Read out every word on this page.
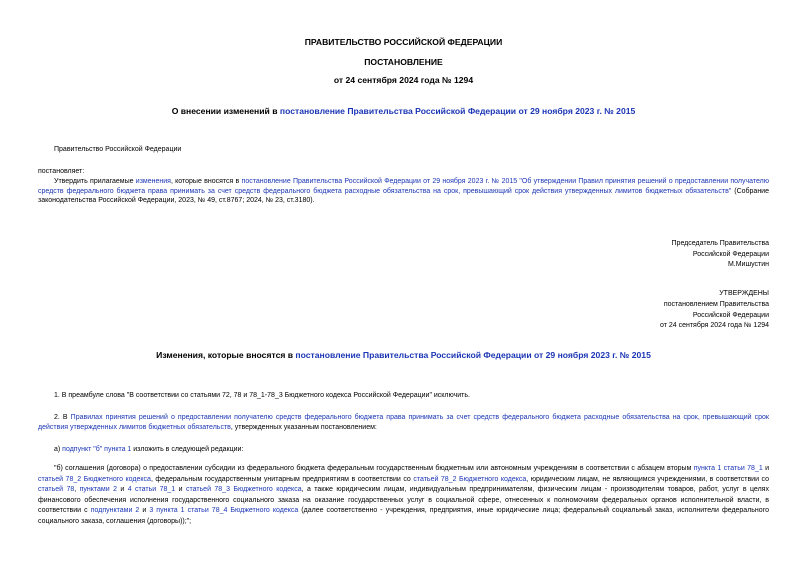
ПРАВИТЕЛЬСТВО РОССИЙСКОЙ ФЕДЕРАЦИИ
ПОСТАНОВЛЕНИЕ
от 24 сентября 2024 года № 1294
О внесении изменений в постановление Правительства Российской Федерации от 29 ноября 2023 г. № 2015
Правительство Российской Федерации
постановляет:
Утвердить прилагаемые изменения, которые вносятся в постановление Правительства Российской Федерации от 29 ноября 2023 г. № 2015 "Об утверждении Правил принятия решений о предоставлении получателю средств федерального бюджета права принимать за счет средств федерального бюджета расходные обязательства на срок, превышающий срок действия утвержденных лимитов бюджетных обязательств" (Собрание законодательства Российской Федерации, 2023, № 49, ст.8767; 2024, № 23, ст.3180).
Председатель Правительства
Российской Федерации
М.Мишустин
УТВЕРЖДЕНЫ
постановлением Правительства
Российской Федерации
от 24 сентября 2024 года № 1294
Изменения, которые вносятся в постановление Правительства Российской Федерации от 29 ноября 2023 г. № 2015
1. В преамбуле слова "В соответствии со статьями 72, 78 и 78_1-78_3 Бюджетного кодекса Российской Федерации" исключить.
2. В Правилах принятия решений о предоставлении получателю средств федерального бюджета права принимать за счет средств федерального бюджета расходные обязательства на срок, превышающий срок действия утвержденных лимитов бюджетных обязательств, утвержденных указанным постановлением:
а) подпункт "б" пункта 1 изложить в следующей редакции:
"б) соглашения (договора) о предоставлении субсидии из федерального бюджета федеральным государственным бюджетным или автономным учреждениям в соответствии с абзацем вторым пункта 1 статьи 78_1 и статьей 78_2 Бюджетного кодекса, федеральным государственным унитарным предприятиям в соответствии со статьей 78_2 Бюджетного кодекса, юридическим лицам, не являющимся учреждениями, в соответствии со статьей 78, пунктами 2 и 4 статьи 78_1 и статьей 78_3 Бюджетного кодекса, а также юридическим лицам, индивидуальным предпринимателям, физическим лицам - производителям товаров, работ, услуг в целях финансового обеспечения исполнения государственного социального заказа на оказание государственных услуг в социальной сфере, отнесенных к полномочиям федеральных органов исполнительной власти, в соответствии с подпунктами 2 и 3 пункта 1 статьи 78_4 Бюджетного кодекса (далее соответственно - учреждения, предприятия, иные юридические лица; федеральный социальный заказ, исполнители федерального социального заказа, соглашения (договоры));";
